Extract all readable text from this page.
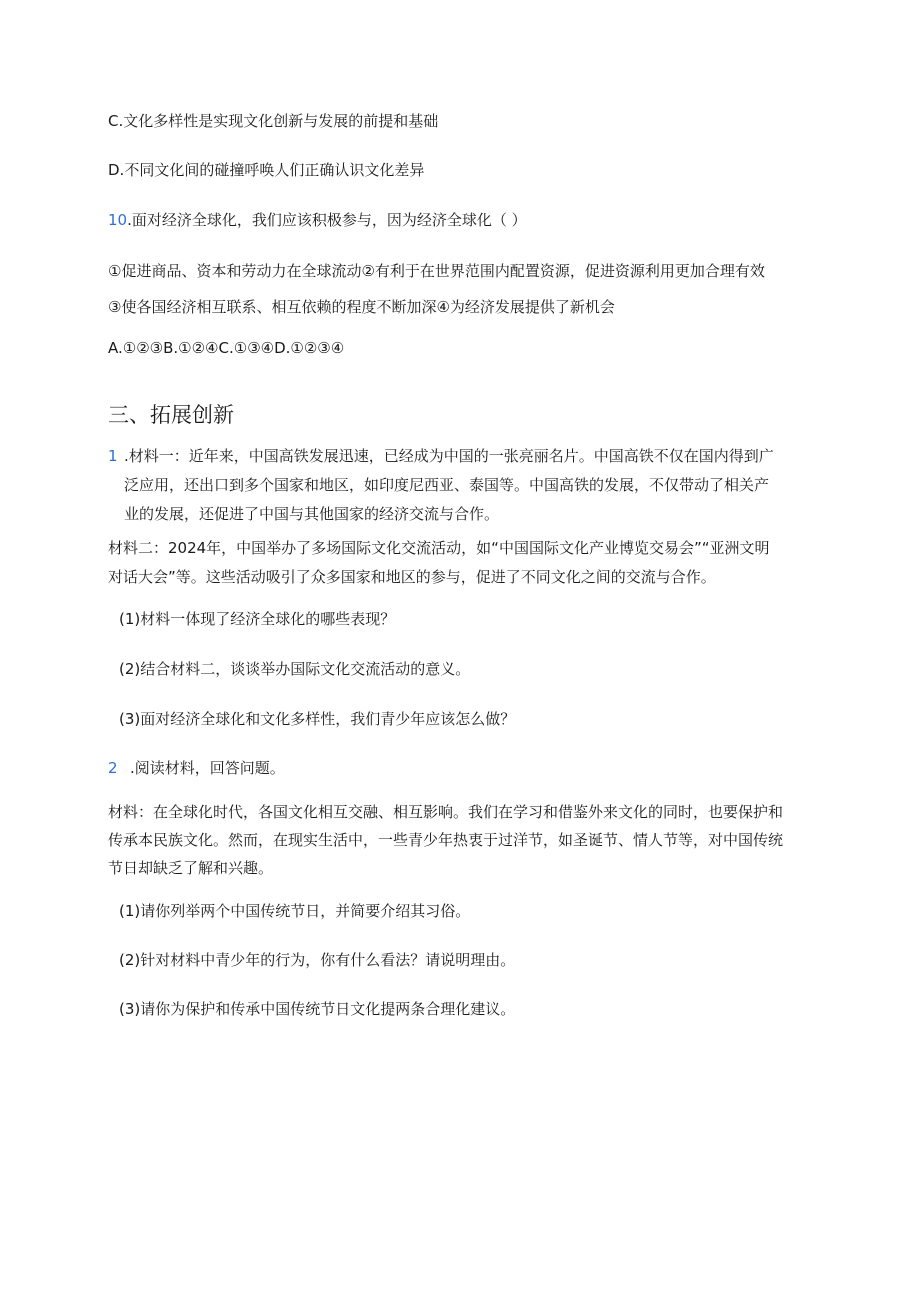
C.文化多样性是实现文化创新与发展的前提和基础
D.不同文化间的碰撞呼唤人们正确认识文化差异
10.面对经济全球化，我们应该积极参与，因为经济全球化（ ）
①促进商品、资本和劳动力在全球流动②有利于在世界范围内配置资源，促进资源利用更加合理有效
③使各国经济相互联系、相互依赖的程度不断加深④为经济发展提供了新机会
A.①②③B.①②④C.①③④D.①②③④
三、拓展创新
1 .材料一：近年来，中国高铁发展迅速，已经成为中国的一张亮丽名片。中国高铁不仅在国内得到广
泛应用，还出口到多个国家和地区，如印度尼西亚、泰国等。中国高铁的发展，不仅带动了相关产
业的发展，还促进了中国与其他国家的经济交流与合作。
材料二：2024年，中国举办了多场国际文化交流活动，如“中国国际文化产业博览交易会”“亚洲文明
对话大会”等。这些活动吸引了众多国家和地区的参与，促进了不同文化之间的交流与合作。
(1)材料一体现了经济全球化的哪些表现？
(2)结合材料二，谈谈举办国际文化交流活动的意义。
(3)面对经济全球化和文化多样性，我们青少年应该怎么做？
2 .阅读材料，回答问题。
材料：在全球化时代，各国文化相互交融、相互影响。我们在学习和借鉴外来文化的同时，也要保护和
传承本民族文化。然而，在现实生活中，一些青少年热衷于过洋节，如圣诞节、情人节等，对中国传统
节日却缺乏了解和兴趣。
(1)请你列举两个中国传统节日，并简要介绍其习俗。
(2)针对材料中青少年的行为，你有什么看法？请说明理由。
(3)请你为保护和传承中国传统节日文化提两条合理化建议。
